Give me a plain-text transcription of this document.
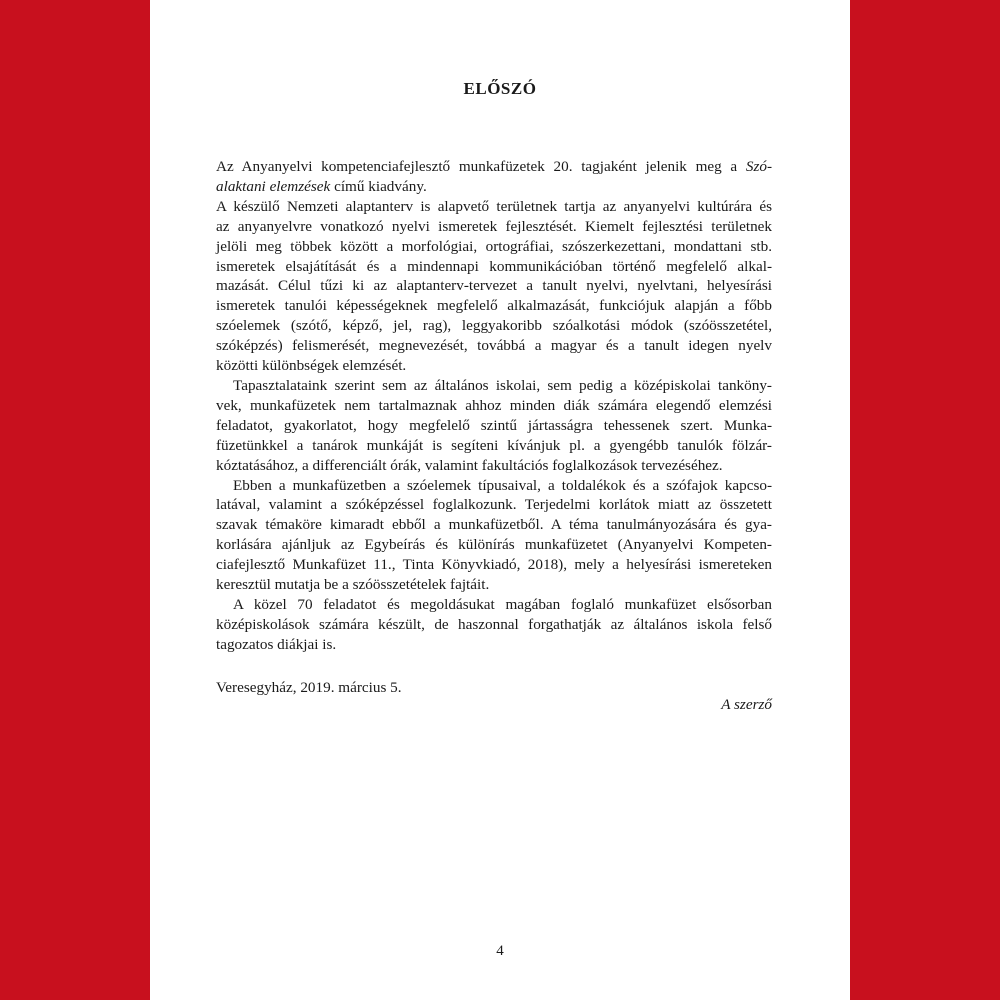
ELŐSZÓ

Az Anyanyelvi kompetenciafejlesztő munkafüzetek 20. tagjaként jelenik meg a Szó-
alaktani elemzések című kiadvány.

A készülő Nemzeti alaptanterv is alapvető területnek tartja az anyanyelvi kultúrára és
az anyanyelvre vonatkozó nyelvi ismeretek fejlesztését. Kiemelt fejlesztési területnek
jelöli meg többek között a morfológiai, ortográfiai, szószerkezettani, mondattani stb.
ismeretek elsajátítását és a mindennapi kommunikációban történő megfelelő alkal-
mazását. Célul tűzi ki az alaptanterv-tervezet a tanult nyelvi, nyelvtani, helyesírási
ismeretek tanulói képességeknek megfelelő alkalmazását, funkciójuk alapján a főbb
szóelemek (szótő, képző, jel, rag), leggyakoribb szóalkotási módok (szóösszetétel,
szóképzés) felismerését, megnevezését, továbbá a magyar és a tanult idegen nyelv
közötti különbségek elemzését.

Tapasztalataink szerint sem az általános iskolai, sem pedig a középiskolai tanköny-
vek, munkafüzetek nem tartalmaznak ahhoz minden diák számára elegendő elemzési
feladatot, gyakorlatot, hogy megfelelő szintű jártasságra tehessenek szert. Munka-
füzetünkkel a tanárok munkáját is segíteni kívánjuk pl. a gyengébb tanulók fölzár-
kóztatásához, a differenciált órák, valamint fakultációs foglalkozások tervezéséhez.

Ebben a munkafüzetben a szóelemek típusaival, a toldalékok és a szófajok kapcso-
latával, valamint a szóképzéssel foglalkozunk. Terjedelmi korlátok miatt az összetett
szavak témaköre kimaradt ebből a munkafüzetből. A téma tanulmányozására és gya-
korlására ajánljuk az Egybeírás és különírás munkafüzetet (Anyanyelvi Kompeten-
ciafejlesztő Munkafüzet 11., Tinta Könyvkiadó, 2018), mely a helyesírási ismereteken
keresztül mutatja be a szóösszetételek fajtáit.

A közel 70 feladatot és megoldásukat magában foglaló munkafüzet elsősorban
középiskolások számára készült, de haszonnal forgathatják az általános iskola felső
tagozatos diákjai is.

Veresegyház, 2019. március 5.
A szerző
4
